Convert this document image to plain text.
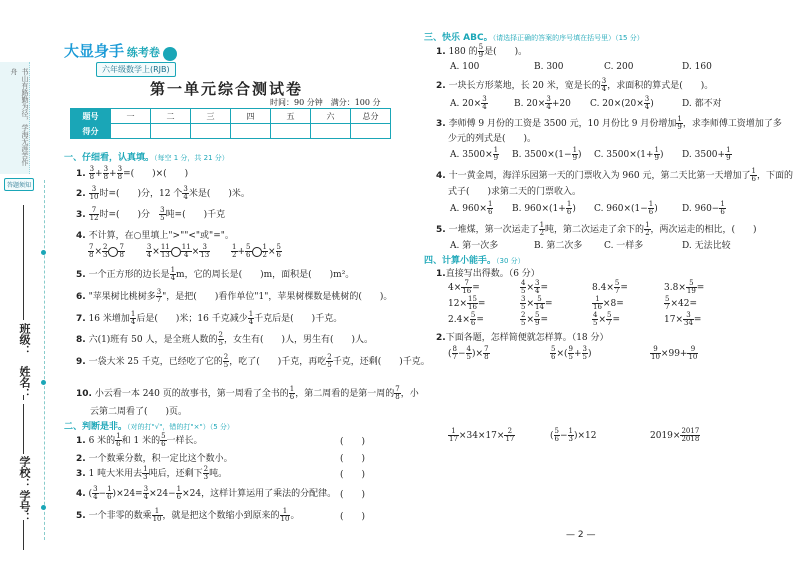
书山有路勤为径，学海无涯苦作舟
答题须知
班级：
姓名：
学校：
学号：
大显身手 练考卷
六年级数学上(RJB)
第一单元综合测试卷
时间：90 分钟　满分：100 分
题号	一	二	三	四	五	六	总分
得分							
一、仔细看，认真填。（每空 1 分，共 21 分）
1. $\frac{3}{8} + \frac{3}{8} + \frac{3}{8}$ =(　　)×(　　)
2. $\frac{3}{10}$ 时=(　　)分，12 个 $\frac{3}{4}$ 米是(　　)米。
3. $\frac{7}{12}$ 时=(　　)分　 $\frac{3}{5}$ 吨=(　　)千克
4. 不计算，在○里填上">""<"或"="。
$\frac{7}{8} \times \frac{2}{3} \frac{7}{8}$
　　	$\frac{3}{4} \times \frac{11}{13} \frac{11}{4} \times \frac{3}{13}$
　　	$\frac{1}{2} + \frac{5}{6} \frac{1}{2} \times \frac{5}{6}$
5. 一个正方形的边长是 $\frac{1}{4}$ m，它的周长是(　　)m，面积是(　　)m²。
6. "苹果树比桃树多 $\frac{3}{7}$ "，是把(　　)看作单位"1"，苹果树棵数是桃树的(　　)。
7. 16 米增加 $\frac{1}{4}$ 后是(　　)米；16 千克减少 $\frac{1}{4}$ 千克后是(　　)千克。
8. 六(1)班有 50 人，是全班人数的 $\frac{2}{5}$ ，女生有(　　)人，男生有(　　)人。
9. 一袋大米 25 千克，已经吃了它的 $\frac{2}{5}$ ，吃了(　　)千克，再吃 $\frac{2}{5}$ 千克，还剩(　　)千克。
10. 小云看一本 240 页的故事书，第一周看了全书的 $\frac{1}{6}$ ，第二周看的是第一周的 $\frac{7}{8}$ ，小
云第二周看了(　　)页。
二、判断是非。（对的打"√"，错的打"×"）（5 分）
1. 6 米的 $\frac{1}{6}$ 和 1 米的 $\frac{5}{6}$ 一样长。	(　　)
2. 一个数乘分数，积一定比这个数小。	(　　)
3. 1 吨大米用去 $\frac{1}{3}$ 吨后，还剩下 $\frac{2}{3}$ 吨。	(　　)
4. ( $\frac{3}{4} - \frac{1}{6} )\times 24= \frac{3}{4} \times 24- \frac{1}{6} \times 24$，这样计算运用了乘法的分配律。 (　　)
5. 一个非零的数乘 $\frac{1}{10}$ ，就是把这个数缩小到原来的 $\frac{1}{10}$ 。	(　　)
三、快乐 ABC。（请选择正确的答案的序号填在括号里）（15 分）
1. 180 的 $\frac{5}{9}$ 是(　　)。
A. 100	B. 300	C. 200	D. 160
2. 一块长方形菜地，长 20 米，宽是长的 $\frac{3}{4}$ ，求面积的算式是(　　)。
A. $20\times \frac{3}{4}$	B. $20\times \frac{3}{4} +20$ C. $20\times(20\times \frac{3}{4}$ )	D. 都不对
3. 李师傅 9 月份的工资是 3500 元，10 月份比 9 月份增加 $\frac{1}{9}$ ，求李师傅工资增加了多
少元的列式是(　　)。
A. $3500\times \frac{1}{9} B$. $3500\times(1- \frac{1}{9}$ ) C. $3500\times(1+ \frac{1}{9}$ ) D. $3500+ \frac{1}{9}$
4. 十一黄金周，海洋乐园第一天的门票收入为 960 元，第二天比第一天增加了 $\frac{1}{6}$ ，下面的
式子(　　)求第二天的门票收入。
A. $960\times \frac{1}{6} B$. $960\times(1+ \frac{1}{6}$ ) C. $960\times(1- \frac{1}{6}$ )	D. $960- \frac{1}{6}$
5. 一堆煤，第一次运走了 $\frac{1}{2}$ 吨，第二次运走了余下的 $\frac{1}{2}$ ，两次运走的相比，(　　)
A. 第一次多	B. 第二次多 C. 一样多	D. 无法比较
四、计算小能手。（30 分）
1.直接写出得数。（6 分）
$4\times \frac{7}{16}$ =	$\frac{4}{5} \times \frac{3}{4}$ =	$8.4\times \frac{5}{7}$ =	$3.8\times \frac{5}{19}$ =
$12\times \frac{15}{16}$ =	$\frac{3}{5} \times \frac{5}{14}$ =	$\frac{1}{16} \times 8=$	$\frac{5}{7} \times 42=$
$2.4\times \frac{5}{6}$ =	$\frac{2}{5} \times \frac{5}{9}$ =	$\frac{4}{5} \times \frac{5}{7}$ =	$17\times \frac{3}{34}$ =
2.下面各题，怎样简便就怎样算。（18 分）
( $\frac{8}{7} - \frac{4}{5}$ )× $\frac{7}{8}$	$\frac{5}{6}$ ×( $\frac{9}{5} + \frac{3}{5}$ )	$\frac{9}{10} \times 99+ \frac{9}{10}$
$\frac{1}{17} \times 34\times 17\times \frac{2}{17}$	( $\frac{5}{6} - \frac{1}{3} )\times 12$	$2019\times \frac{2017}{2018}$
— 2 —
